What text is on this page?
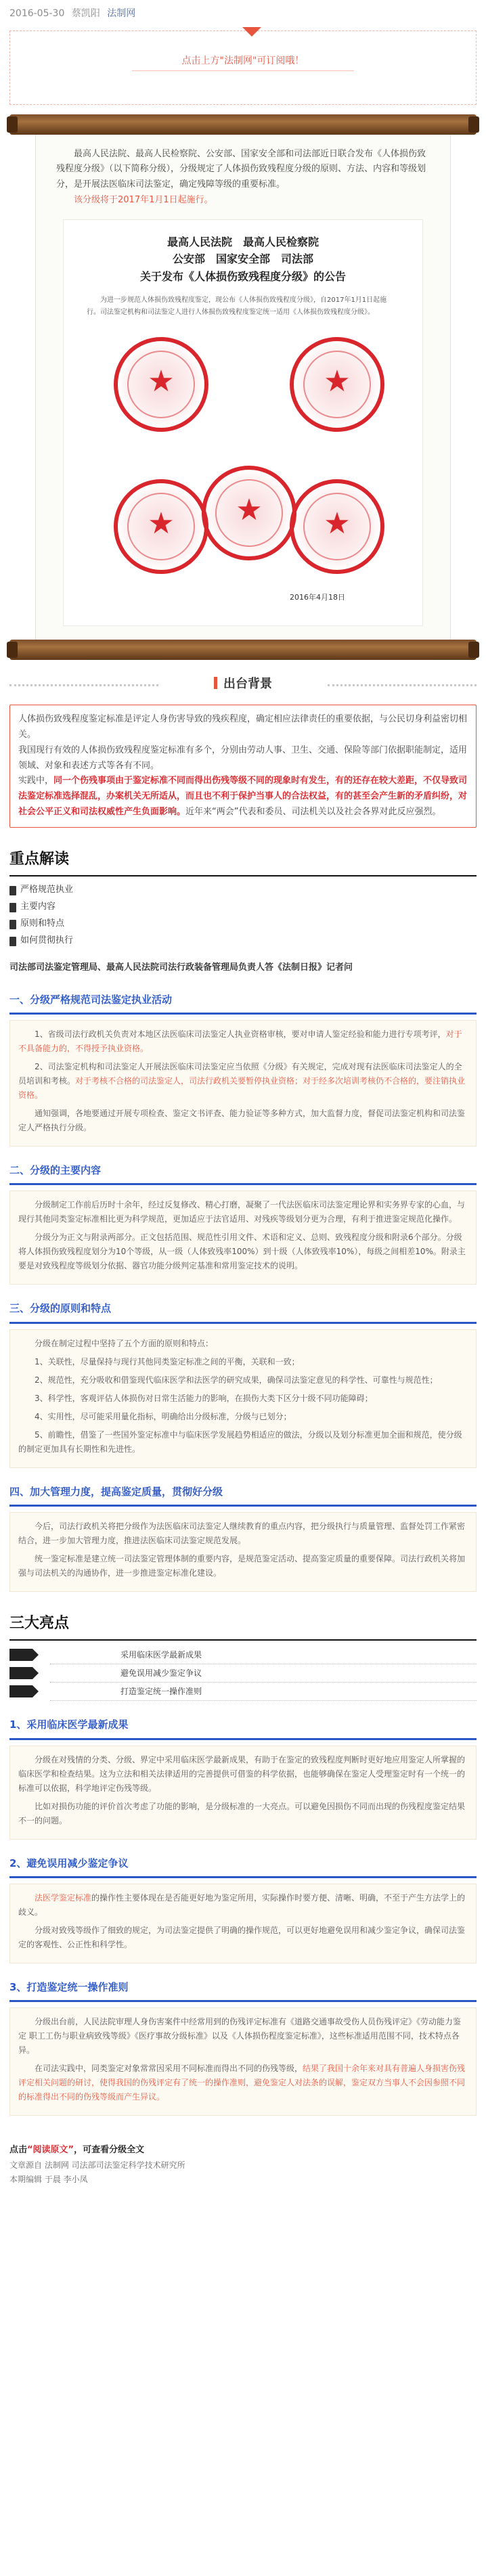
2016-05-30 蔡凯阳 法制网
点击上方"法制网"可订阅哦！

最高人民法院、最高人民检察院、公安部、国家安全部和司法部近日联合发布《人体损伤致残程度分级》（以下简称分级），分级规定了人体损伤致残程度分级的原则、方法、内容和等级划分，是开展法医临床司法鉴定，确定残障等级的重要标准。

该分级将于2017年1月1日起施行。

最高人民法院　最高人民检察院
公安部　国家安全部　司法部
关于发布《人体损伤致残程度分级》的公告
为进一步规范人体损伤致残程度鉴定，现公布《人体损伤致残程度分级》，自2017年1月1日起施行。司法鉴定机构和司法鉴定人进行人体损伤致残程度鉴定统一适用《人体损伤致残程度分级》。
★	★
★	★	★
2016年4月18日
出台背景

人体损伤致残程度鉴定标准是评定人身伤害导致的残疾程度，确定相应法律责任的重要依据，与公民切身利益密切相关。

我国现行有效的人体损伤致残程度鉴定标准有多个，分别由劳动人事、卫生、交通、保险等部门依据职能制定，适用领域、对象和表述方式等各有不同。

实践中，同一个伤残事项由于鉴定标准不同而得出伤残等级不同的现象时有发生，有的还存在较大差距，不仅导致司法鉴定标准选择混乱，办案机关无所适从，而且也不利于保护当事人的合法权益，有的甚至会产生新的矛盾纠纷，对社会公平正义和司法权威性产生负面影响。近年来“两会”代表和委员、司法机关以及社会各界对此反应强烈。

重点解读
严格规范执业
主要内容
原则和特点
如何贯彻执行
司法部司法鉴定管理局、最高人民法院司法行政装备管理局负责人答《法制日报》记者问
一、分级严格规范司法鉴定执业活动

1、省级司法行政机关负责对本地区法医临床司法鉴定人执业资格审核，要对申请人鉴定经验和能力进行专项考评，对于不具备能力的，不得授予执业资格。

2、司法鉴定机构和司法鉴定人开展法医临床司法鉴定应当依照《分级》有关规定，完成对现有法医临床司法鉴定人的全员培训和考核。对于考核不合格的司法鉴定人，司法行政机关要暂停执业资格；对于经多次培训考核仍不合格的，要注销执业资格。

通知强调，各地要通过开展专项检查、鉴定文书评查、能力验证等多种方式，加大监督力度，督促司法鉴定机构和司法鉴定人严格执行分级。

二、分级的主要内容

分级制定工作前后历时十余年，经过反复修改、精心打磨，凝聚了一代法医临床司法鉴定理论界和实务界专家的心血，与现行其他同类鉴定标准相比更为科学规范，更加适应于法官适用、对残疾等级划分更为合理，有利于推进鉴定规范化操作。

分级分为正文与附录两部分。正文包括范围、规范性引用文件、术语和定义、总则、致残程度分级和附录6个部分。分级将人体损伤致残程度划分为10个等级，从一级（人体致残率100%）到十级（人体致残率10%），每级之间相差10%。附录主要是对致残程度等级划分依据、器官功能分级判定基准和常用鉴定技术的说明。

三、分级的原则和特点

分级在制定过程中坚持了五个方面的原则和特点：

1、关联性，尽量保持与现行其他同类鉴定标准之间的平衡，关联和一致；

2、规范性，充分吸收和借鉴现代临床医学和法医学的研究成果，确保司法鉴定意见的科学性、可靠性与规范性；

3、科学性，客观评估人体损伤对日常生活能力的影响，在损伤大类下区分十级不同功能障碍；

4、实用性，尽可能采用量化指标，明确给出分级标准，分级与已划分；

5、前瞻性，借鉴了一些国外鉴定标准中与临床医学发展趋势相适应的做法，分级以及划分标准更加全面和规范，使分级的制定更加具有长期性和先进性。

四、加大管理力度，提高鉴定质量，贯彻好分级

今后，司法行政机关将把分级作为法医临床司法鉴定人继续教育的重点内容，把分级执行与质量管理、监督处罚工作紧密结合，进一步加大管理力度，推进法医临床司法鉴定规范发展。

统一鉴定标准是建立统一司法鉴定管理体制的重要内容，是规范鉴定活动、提高鉴定质量的重要保障。司法行政机关将加强与司法机关的沟通协作，进一步推进鉴定标准化建设。

三大亮点
采用临床医学最新成果
避免误用减少鉴定争议
打造鉴定统一操作准则
1、采用临床医学最新成果

分级在对残情的分类、分级、界定中采用临床医学最新成果，有助于在鉴定的致残程度判断时更好地应用鉴定人所掌握的临床医学和检查结果。这为立法和相关法律适用的完善提供可借鉴的科学依据，也能够确保在鉴定人受理鉴定时有一个统一的标准可以依据，科学地评定伤残等级。

比如对损伤功能的评价首次考虑了功能的影响，是分级标准的一大亮点。可以避免因损伤不同而出现的伤残程度鉴定结果不一的问题。

2、避免误用减少鉴定争议

法医学鉴定标准的操作性主要体现在是否能更好地为鉴定所用，实际操作时要方便、清晰、明确，不至于产生方法学上的歧义。

分级对致残等级作了细致的规定，为司法鉴定提供了明确的操作规范，可以更好地避免误用和减少鉴定争议，确保司法鉴定的客观性、公正性和科学性。

3、打造鉴定统一操作准则

分级出台前，人民法院审理人身伤害案件中经常用到的伤残评定标准有《道路交通事故受伤人员伤残评定》《劳动能力鉴定 职工工伤与职业病致残等级》《医疗事故分级标准》以及《人体损伤程度鉴定标准》，这些标准适用范围不同，技术特点各异。

在司法实践中，同类鉴定对象常常因采用不同标准而得出不同的伤残等级，结果了我国十余年来对具有普遍人身损害伤残评定相关问题的研讨，使得我国的伤残评定有了统一的操作准则，避免鉴定人对法条的误解，鉴定双方当事人不会因参照不同的标准得出不同的伤残等级而产生异议。

点击“阅读原文”，可查看分级全文
文章源自 法制网 司法部司法鉴定科学技术研究所
本期编辑 于晨 李小凤
